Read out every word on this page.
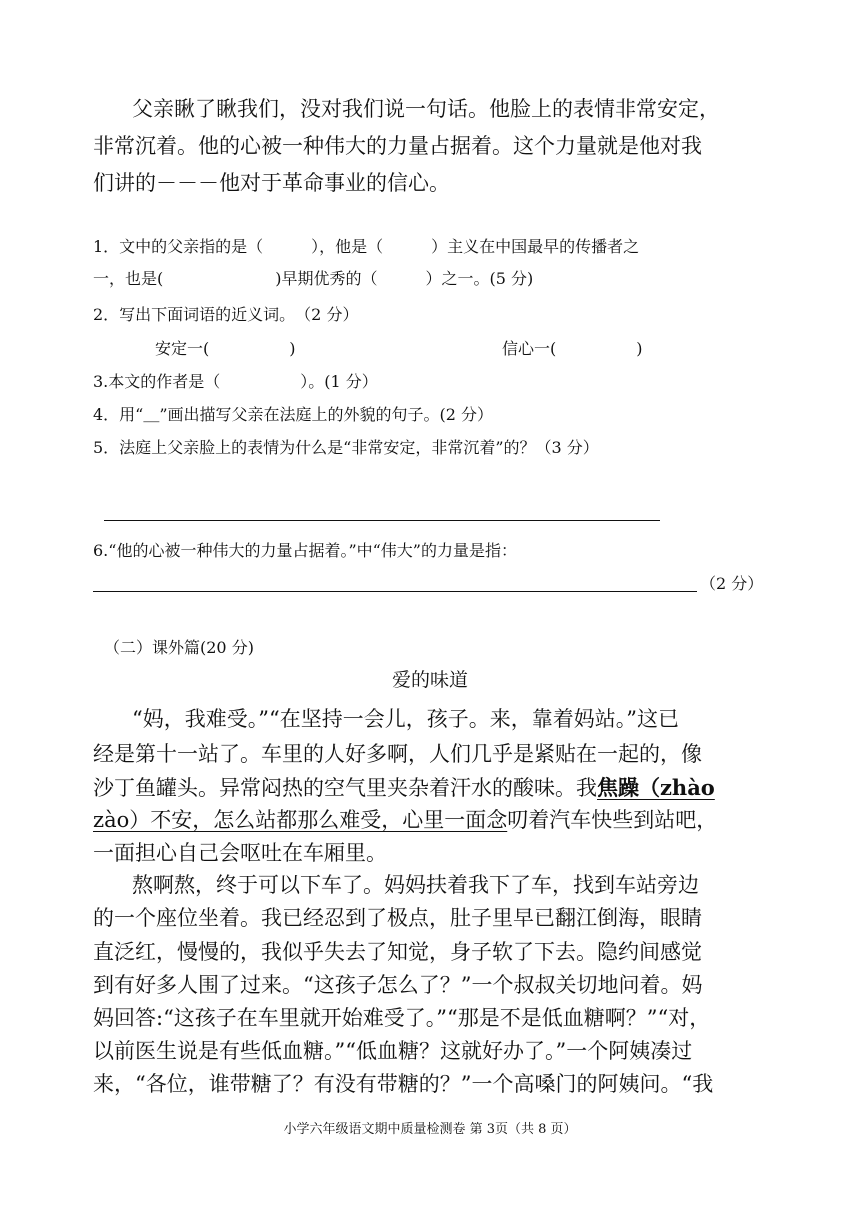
父亲瞅了瞅我们，没对我们说一句话。他脸上的表情非常安定，
非常沉着。他的心被一种伟大的力量占据着。这个力量就是他对我
们讲的－－－他对于革命事业的信心。
1．文中的父亲指的是（　　　），他是（　　　）主义在中国最早的传播者之
一，也是(　　　　　　　)早期优秀的（　　　）之一。(5 分)
2．写出下面词语的近义词。　（2 分）
安定一(　　　　　)	信心一(　　　　　)
3.本文的作者是（　　　　　）。(1 分）
4．用“＿”画出描写父亲在法庭上的外貌的句子。(2 分）
5．法庭上父亲脸上的表情为什么是“非常安定，非常沉着”的？（3 分）
6.“他的心被一种伟大的力量占据着。”中“伟大”的力量是指：
（2 分）
（二）课外篇(20 分)
爱的味道
“妈，我难受。”“在坚持一会儿，孩子。来，靠着妈站。”这已
经是第十一站了。车里的人好多啊，人们几乎是紧贴在一起的，像
沙丁鱼罐头。异常闷热的空气里夹杂着汗水的酸味。我焦躁（zhào
zào）不安，怎么站都那么难受，心里一面念叨着汽车快些到站吧，
一面担心自己会呕吐在车厢里。
熬啊熬，终于可以下车了。妈妈扶着我下了车，找到车站旁边
的一个座位坐着。我已经忍到了极点，肚子里早已翻江倒海，眼睛
直泛红，慢慢的，我似乎失去了知觉，身子软了下去。隐约间感觉
到有好多人围了过来。“这孩子怎么了？”一个叔叔关切地问着。妈
妈回答:“这孩子在车里就开始难受了。”“那是不是低血糖啊？”“对，
以前医生说是有些低血糖。”“低血糖？这就好办了。”一个阿姨凑过
来，“各位，谁带糖了？有没有带糖的？”一个高嗓门的阿姨问。“我
小学六年级语文期中质量检测卷 第 3页（共 8 页）
